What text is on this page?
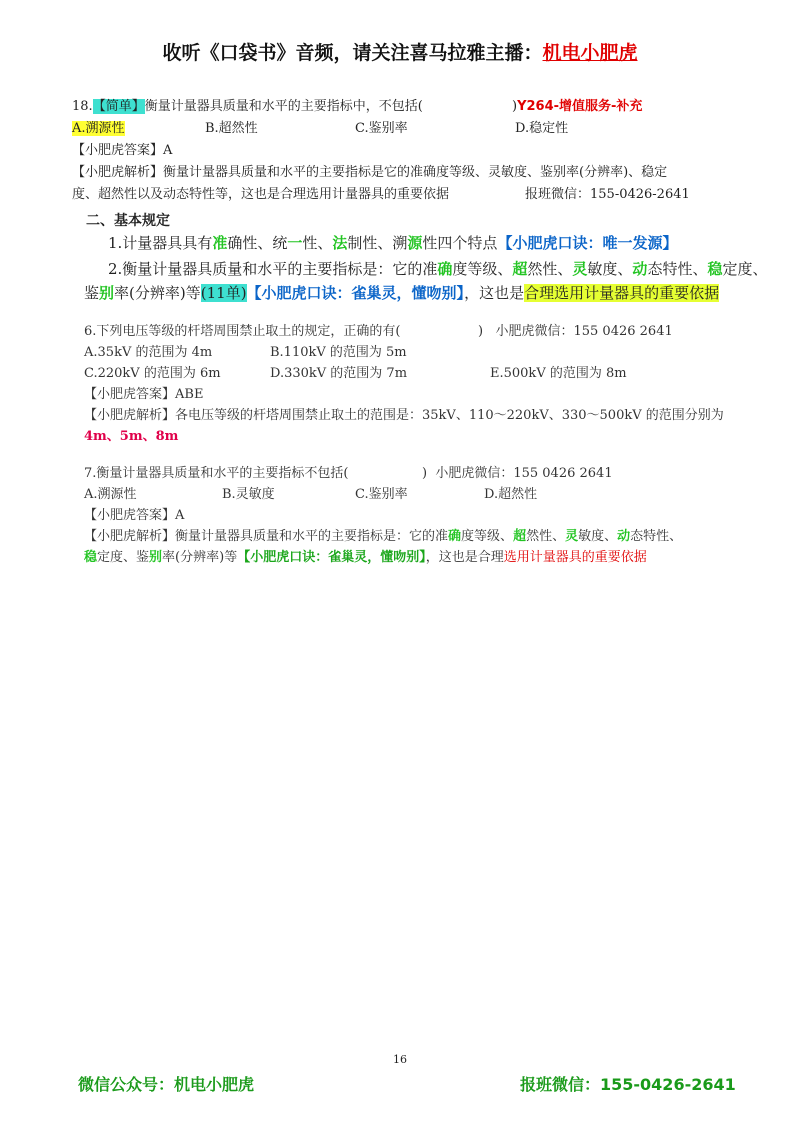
收听《口袋书》音频，请关注喜马拉雅主播：机电小肥虎
18.【简单】衡量计量器具质量和水平的主要指标中，不包括(	)Y264-增值服务-补充
A.溯源性	B.超然性	C.鉴别率	D.稳定性
【小肥虎答案】A
【小肥虎解析】衡量计量器具质量和水平的主要指标是它的准确度等级、灵敏度、鉴别率(分辨率)、稳定
度、超然性以及动态特性等，这也是合理选用计量器具的重要依据	报班微信：155-0426-2641
二、基本规定
1.计量器具具有准确性、统一性、法制性、溯源性四个特点【小肥虎口诀：唯一发源】
2.衡量计量器具质量和水平的主要指标是：它的准确度等级、超然性、灵敏度、动态特性、稳定度、
鉴别率(分辨率)等(11单)【小肥虎口诀：雀巢灵，懂吻别】，这也是合理选用计量器具的重要依据
6.下列电压等级的杆塔周围禁止取土的规定，正确的有(	) 小肥虎微信：155 0426 2641
A.35kV 的范围为 4m	B.110kV 的范围为 5m
C.220kV 的范围为 6m	D.330kV 的范围为 7m	E.500kV 的范围为 8m
【小肥虎答案】ABE
【小肥虎解析】各电压等级的杆塔周围禁止取土的范围是：35kV、110～220kV、330～500kV 的范围分别为
4m、5m、8m
7.衡量计量器具质量和水平的主要指标不包括(	) 小肥虎微信：155 0426 2641
A.溯源性	B.灵敏度	C.鉴别率	D.超然性
【小肥虎答案】A
【小肥虎解析】衡量计量器具质量和水平的主要指标是：它的准确度等级、超然性、灵敏度、动态特性、
稳定度、鉴别率(分辨率)等【小肥虎口诀：雀巢灵，懂吻别】，这也是合理选用计量器具的重要依据
16
微信公众号：机电小肥虎	报班微信：155-0426-2641
